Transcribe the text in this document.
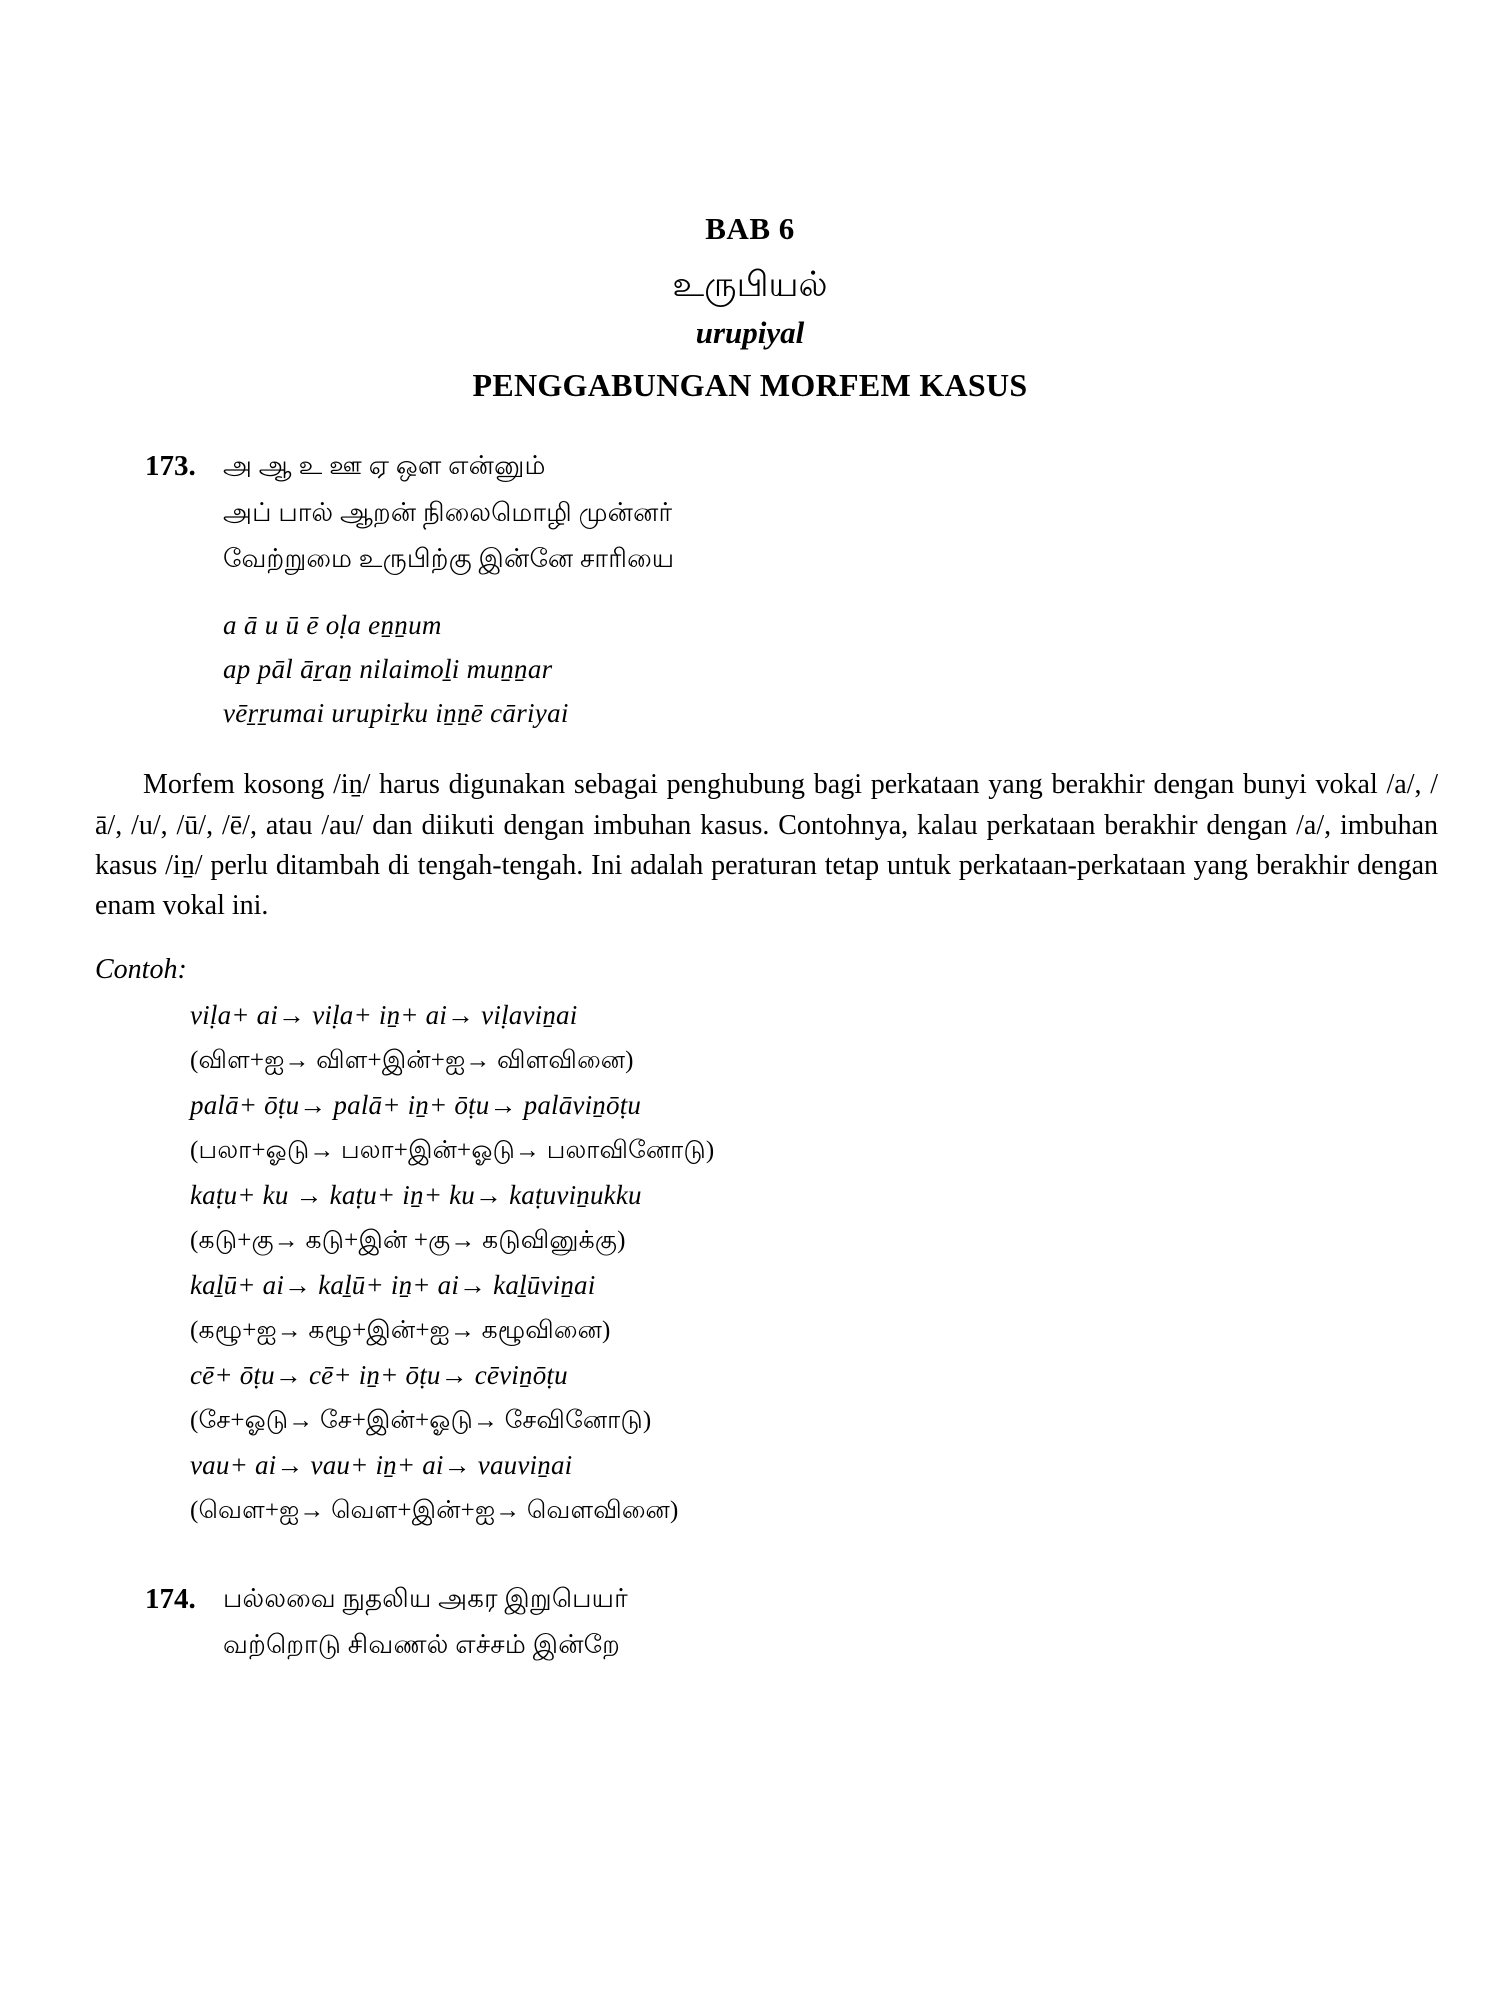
BAB 6
உருபியல்
urupiyal
PENGGABUNGAN MORFEM KASUS
173.	அ ஆ உ ஊ ஏ ஒள என்னும்
அப் பால் ஆறன் நிலைமொழி முன்னர்
வேற்றுமை உருபிற்கு இன்னே சாரியை
a ā u ū ē oḷa eṉṉum
ap pāl āṟaṉ nilaimoḻi muṉṉar
vēṟṟumai urupiṟku iṉṉē cāriyai

Morfem kosong /iṉ/ harus digunakan sebagai penghubung bagi perkataan yang berakhir dengan bunyi vokal /a/, /ā/, /u/, /ū/, /ē/, atau /au/ dan diikuti dengan imbuhan kasus. Contohnya, kalau perkataan berakhir dengan /a/, imbuhan kasus /iṉ/ perlu ditambah di tengah-tengah. Ini adalah peraturan tetap untuk perkataan-perkataan yang berakhir dengan enam vokal ini.

Contoh:
viḷa+ ai→ viḷa+ iṉ+ ai→ viḷaviṉai
(விள+ஐ→ விள+இன்+ஐ→ விளவினை)
palā+ ōṭu→ palā+ iṉ+ ōṭu→ palāviṉōṭu
(பலா+ஓடு→ பலா+இன்+ஓடு→ பலாவினோடு)
kaṭu+ ku → kaṭu+ iṉ+ ku→ kaṭuviṉukku
(கடு+கு→ கடு+இன் +கு→ கடுவினுக்கு)
kaḻū+ ai→ kaḻū+ iṉ+ ai→ kaḻūviṉai
(கழூ+ஐ→ கழூ+இன்+ஐ→ கழூவினை)
cē+ ōṭu→ cē+ iṉ+ ōṭu→ cēviṉōṭu
(சே+ஓடு→ சே+இன்+ஓடு→ சேவினோடு)
vau+ ai→ vau+ iṉ+ ai→ vauviṉai
(வெள+ஐ→ வெள+இன்+ஐ→ வெளவினை)
174.	பல்லவை நுதலிய அகர இறுபெயர்
வற்றொடு சிவணல் எச்சம் இன்றே
